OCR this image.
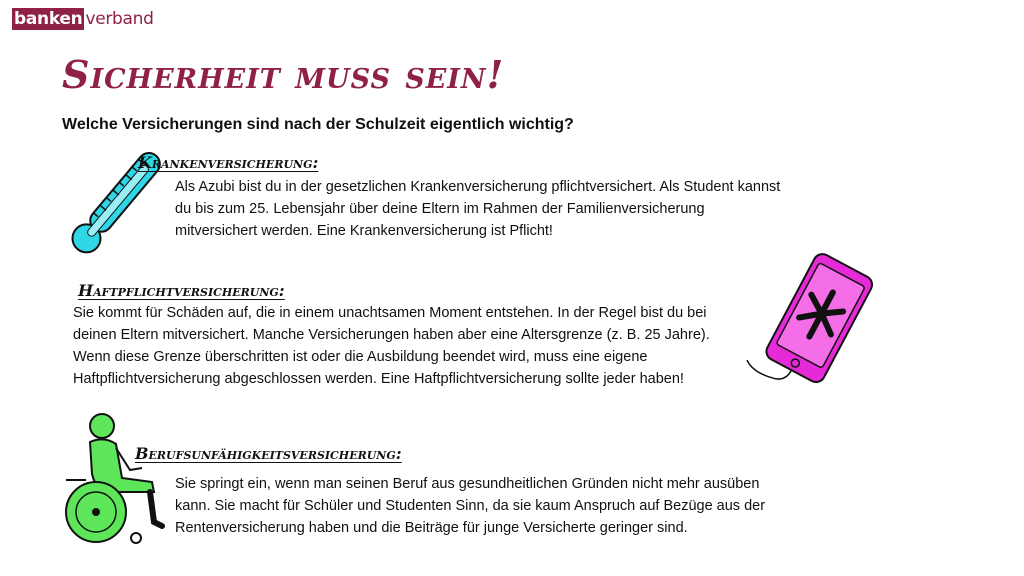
banken verband
Sicherheit muss sein!
Welche Versicherungen sind nach der Schulzeit eigentlich wichtig?
Krankenversicherung:
Als Azubi bist du in der gesetzlichen Krankenversicherung pflichtversichert. Als Student kannst
du bis zum 25. Lebensjahr über deine Eltern im Rahmen der Familienversicherung
mitversichert werden. Eine Krankenversicherung ist Pflicht!
Haftpflichtversicherung:
Sie kommt für Schäden auf, die in einem unachtsamen Moment entstehen. In der Regel bist du bei
deinen Eltern mitversichert. Manche Versicherungen haben aber eine Altersgrenze (z. B. 25 Jahre).
Wenn diese Grenze überschritten ist oder die Ausbildung beendet wird, muss eine eigene
Haftpflichtversicherung abgeschlossen werden. Eine Haftpflichtversicherung sollte jeder haben!
Berufsunfähigkeitsversicherung:
Sie springt ein, wenn man seinen Beruf aus gesundheitlichen Gründen nicht mehr ausüben
kann. Sie macht für Schüler und Studenten Sinn, da sie kaum Anspruch auf Bezüge aus der
Rentenversicherung haben und die Beiträge für junge Versicherte geringer sind.
